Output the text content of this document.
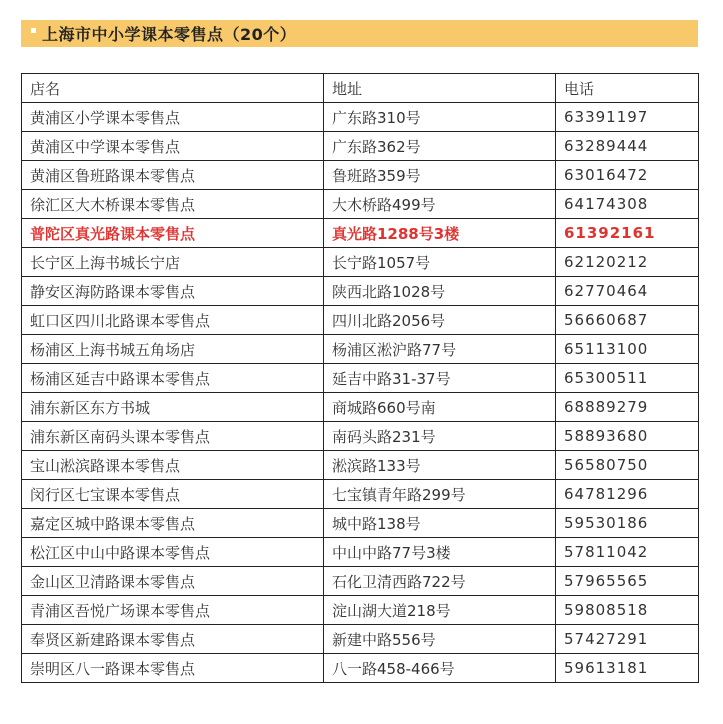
上海市中小学课本零售点（20个）
店名	地址	电话
黄浦区小学课本零售点	广东路310号	63391197
黄浦区中学课本零售点	广东路362号	63289444
黄浦区鲁班路课本零售点	鲁班路359号	63016472
徐汇区大木桥课本零售点	大木桥路499号	64174308
普陀区真光路课本零售点	真光路1288号3楼	61392161
长宁区上海书城长宁店	长宁路1057号	62120212
静安区海防路课本零售点	陕西北路1028号	62770464
虹口区四川北路课本零售点	四川北路2056号	56660687
杨浦区上海书城五角场店	杨浦区淞沪路77号	65113100
杨浦区延吉中路课本零售点	延吉中路31-37号	65300511
浦东新区东方书城	商城路660号南	68889279
浦东新区南码头课本零售点	南码头路231号	58893680
宝山淞滨路课本零售点	淞滨路133号	56580750
闵行区七宝课本零售点	七宝镇青年路299号	64781296
嘉定区城中路课本零售点	城中路138号	59530186
松江区中山中路课本零售点	中山中路77号3楼	57811042
金山区卫清路课本零售点	石化卫清西路722号	57965565
青浦区吾悦广场课本零售点	淀山湖大道218号	59808518
奉贤区新建路课本零售点	新建中路556号	57427291
崇明区八一路课本零售点	八一路458-466号	59613181
